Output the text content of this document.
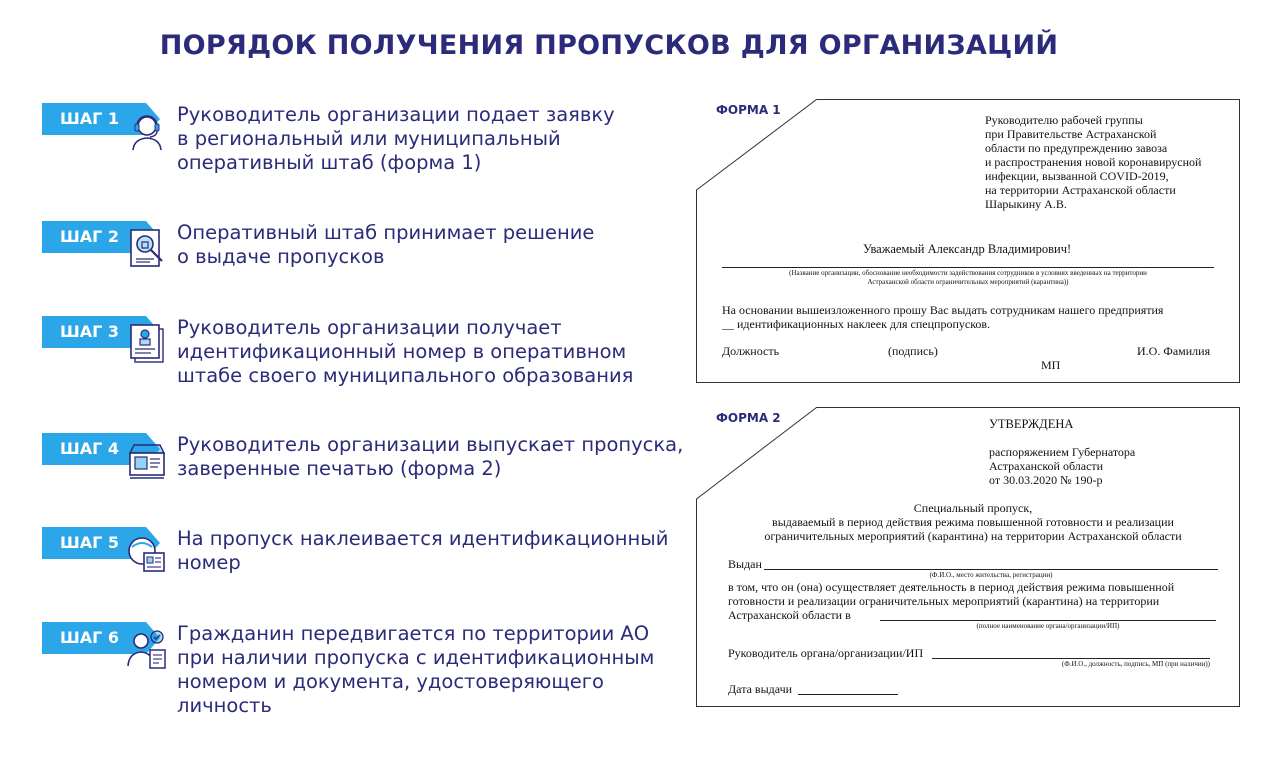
ПОРЯДОК ПОЛУЧЕНИЯ ПРОПУСКОВ ДЛЯ ОРГАНИЗАЦИЙ
ШАГ 1	Руководитель организации подает заявку
в региональный или муниципальный
оперативный штаб (форма 1)
ШАГ 2	Оперативный штаб принимает решение
о выдаче пропусков
ШАГ 3	Руководитель организации получает
идентификационный номер в оперативном
штабе своего муниципального образования
ШАГ 4	Руководитель организации выпускает пропуска,
заверенные печатью (форма 2)
ШАГ 5	На пропуск наклеивается идентификационный
номер
ШАГ 6	Гражданин передвигается по территории АО
при наличии пропуска с идентификационным
номером и документа, удостоверяющего
личность
ФОРМА 1
Руководителю рабочей группы
при Правительстве Астраханской
области по предупреждению завоза
и распространения новой коронавирусной
инфекции, вызванной COVID-2019,
на территории Астраханской области
Шарыкину А.В.
Уважаемый Александр Владимирович!
(Название организации, обоснование необходимости задействования сотрудников в условиях введенных на территории
Астраханской области ограничительных мероприятий (карантина))
На основании вышеизложенного прошу Вас выдать сотрудникам нашего предприятия
__ идентификационных наклеек для спецпропусков.
Должность	(подпись)	И.О. Фамилия
МП
ФОРМА 2	УТВЕРЖДЕНА
распоряжением Губернатора
Астраханской области
от 30.03.2020 № 190-р
Специальный пропуск,
выдаваемый в период действия режима повышенной готовности и реализации
ограничительных мероприятий (карантина) на территории Астраханской области
Выдан
(Ф.И.О., место жительства, регистрации)
в том, что он (она) осуществляет деятельность в период действия режима повышенной
готовности и реализации ограничительных мероприятий (карантина) на территории
Астраханской области в
(полное наименование органа/организации/ИП)
Руководитель органа/организации/ИП
(Ф.И.О., должность, подпись, МП (при наличии))
Дата выдачи
